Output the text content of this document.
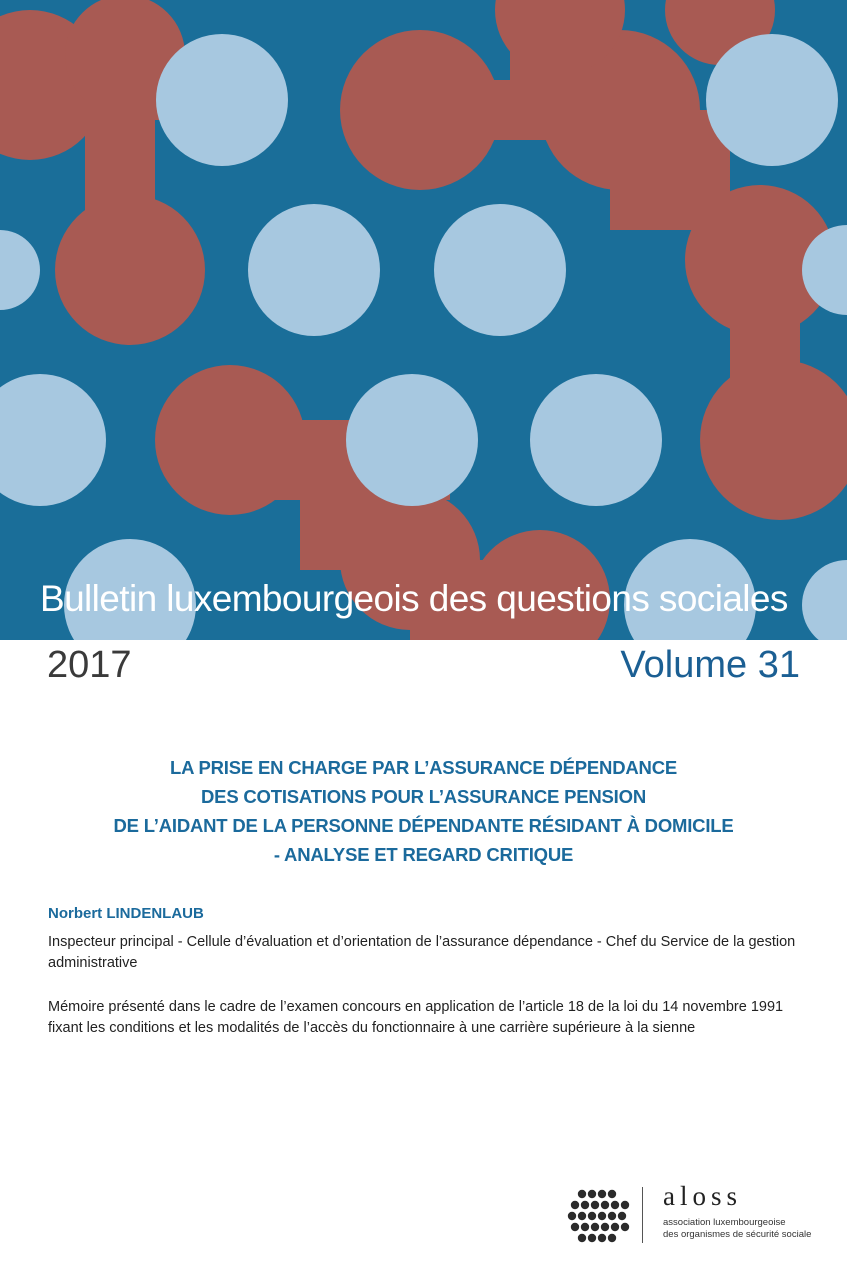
Bulletin luxembourgeois des questions sociales
2017	Volume 31
LA PRISE EN CHARGE PAR L’ASSURANCE DÉPENDANCE
DES COTISATIONS POUR L’ASSURANCE PENSION
DE L’AIDANT DE LA PERSONNE DÉPENDANTE RÉSIDANT À DOMICILE
- ANALYSE ET REGARD CRITIQUE
Norbert LINDENLAUB

Inspecteur principal - Cellule d’évaluation et d’orientation de l’assurance dépendance - Chef du Service de la gestion administrative

Mémoire présenté dans le cadre de l’examen concours en application de l’article 18 de la loi du 14 novembre 1991 fixant les conditions et les modalités de l’accès du fonctionnaire à une carrière supérieure à la sienne

aloss
association luxembourgeoise
des organismes de sécurité sociale
